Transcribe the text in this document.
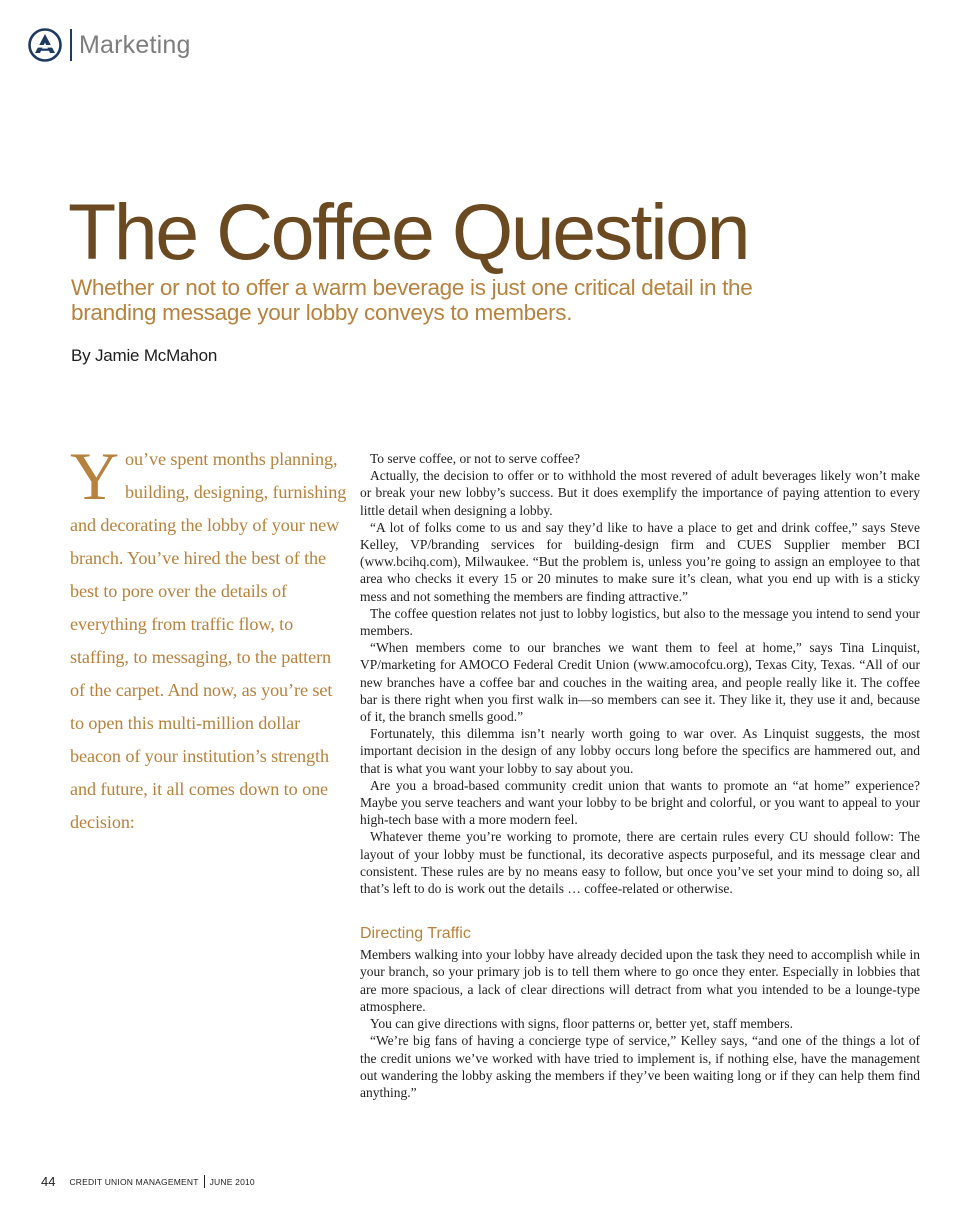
Marketing
The Coffee Question

Whether or not to offer a warm beverage is just one critical detail in the branding message your lobby conveys to members.

By Jamie McMahon

You’ve spent months planning, building, designing, furnishing and decorating the lobby of your new branch. You’ve hired the best of the best to pore over the details of everything from traffic flow, to staffing, to messaging, to the pattern of the carpet. And now, as you’re set to open this multi-million dollar beacon of your institution’s strength and future, it all comes down to one decision:

To serve coffee, or not to serve coffee?

Actually, the decision to offer or to withhold the most revered of adult beverages likely won’t make or break your new lobby’s success. But it does exemplify the importance of paying attention to every little detail when designing a lobby.

“A lot of folks come to us and say they’d like to have a place to get and drink coffee,” says Steve Kelley, VP/branding services for building-design firm and CUES Supplier member BCI (www.bcihq.com), Milwaukee. “But the problem is, unless you’re going to assign an employee to that area who checks it every 15 or 20 minutes to make sure it’s clean, what you end up with is a sticky mess and not something the members are finding attractive.”

The coffee question relates not just to lobby logistics, but also to the message you intend to send your members.

“When members come to our branches we want them to feel at home,” says Tina Linquist, VP/marketing for AMOCO Federal Credit Union (www.amocofcu.org), Texas City, Texas. “All of our new branches have a coffee bar and couches in the waiting area, and people really like it. The coffee bar is there right when you first walk in—so members can see it. They like it, they use it and, because of it, the branch smells good.”

Fortunately, this dilemma isn’t nearly worth going to war over. As Linquist suggests, the most important decision in the design of any lobby occurs long before the specifics are hammered out, and that is what you want your lobby to say about you.

Are you a broad-based community credit union that wants to promote an “at home” experience? Maybe you serve teachers and want your lobby to be bright and colorful, or you want to appeal to your high-tech base with a more modern feel.

Whatever theme you’re working to promote, there are certain rules every CU should follow: The layout of your lobby must be functional, its decorative aspects purposeful, and its message clear and consistent. These rules are by no means easy to follow, but once you’ve set your mind to doing so, all that’s left to do is work out the details … coffee-related or otherwise.

Directing Traffic

Members walking into your lobby have already decided upon the task they need to accomplish while in your branch, so your primary job is to tell them where to go once they enter. Especially in lobbies that are more spacious, a lack of clear directions will detract from what you intended to be a lounge-type atmosphere.

You can give directions with signs, floor patterns or, better yet, staff members.

“We’re big fans of having a concierge type of service,” Kelley says, “and one of the things a lot of the credit unions we’ve worked with have tried to implement is, if nothing else, have the management out wandering the lobby asking the members if they’ve been waiting long or if they can help them find anything.”

44 CREDIT UNION MANAGEMENT JUNE 2010
